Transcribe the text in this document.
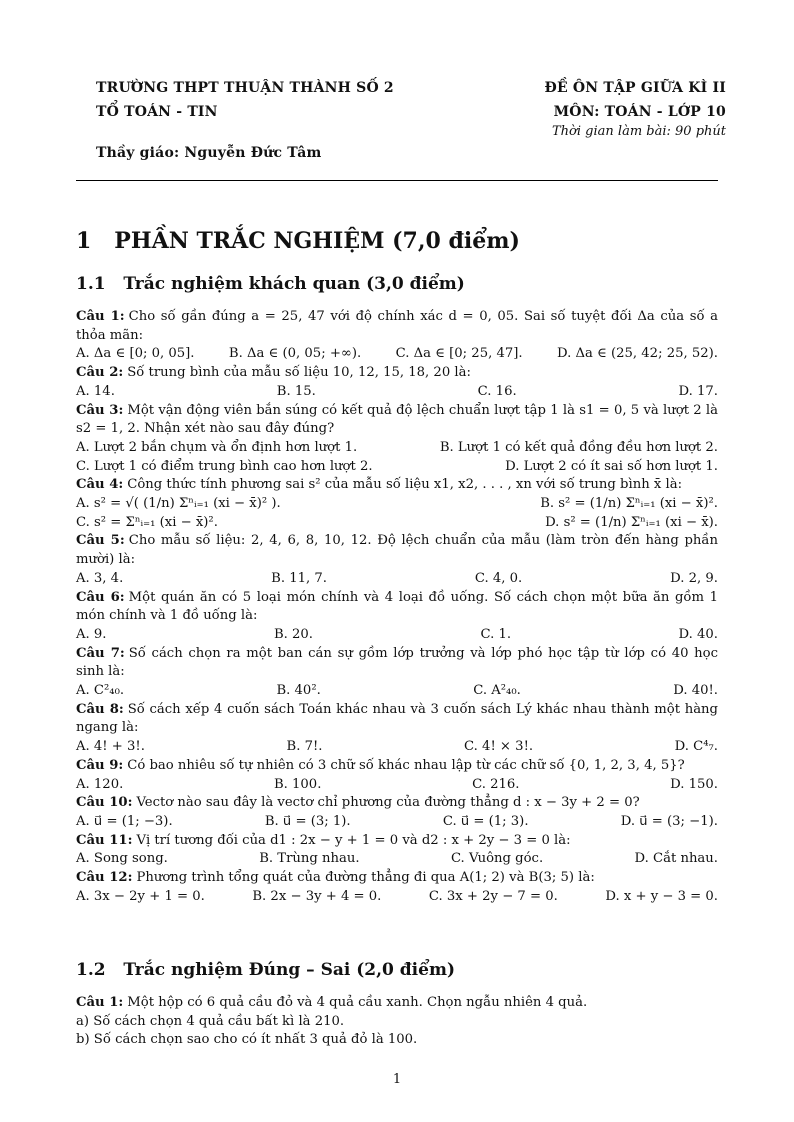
TRƯỜNG THPT THUẬN THÀNH SỐ 2
TỔ TOÁN - TIN
Thầy giáo: Nguyễn Đức Tâm
ĐỀ ÔN TẬP GIỮA KÌ II
MÔN: TOÁN - LỚP 10
Thời gian làm bài: 90 phút
1 PHẦN TRẮC NGHIỆM (7,0 điểm)
1.1 Trắc nghiệm khách quan (3,0 điểm)

Câu 1: Cho số gần đúng a = 25, 47 với độ chính xác d = 0, 05. Sai số tuyệt đối Δa của số a thỏa mãn:

A. Δa ∈ [0; 0, 05].	B. Δa ∈ (0, 05; +∞).	C. Δa ∈ [0; 25, 47].	D. Δa ∈ (25, 42; 25, 52).

Câu 2: Số trung bình của mẫu số liệu 10, 12, 15, 18, 20 là:

A. 14.	B. 15.	C. 16.	D. 17.

Câu 3: Một vận động viên bắn súng có kết quả độ lệch chuẩn lượt tập 1 là s1 = 0, 5 và lượt 2 là s2 = 1, 2. Nhận xét nào sau đây đúng?

A. Lượt 2 bắn chụm và ổn định hơn lượt 1.	B. Lượt 1 có kết quả đồng đều hơn lượt 2.
C. Lượt 1 có điểm trung bình cao hơn lượt 2.	D. Lượt 2 có ít sai số hơn lượt 1.

Câu 4: Công thức tính phương sai s² của mẫu số liệu x1, x2, . . . , xn với số trung bình x̄ là:

A. s² = √( (1/n) Σⁿᵢ₌₁ (xi − x̄)² ).	B. s² = (1/n) Σⁿᵢ₌₁ (xi − x̄)².
C. s² = Σⁿᵢ₌₁ (xi − x̄)².	D. s² = (1/n) Σⁿᵢ₌₁ (xi − x̄).

Câu 5: Cho mẫu số liệu: 2, 4, 6, 8, 10, 12. Độ lệch chuẩn của mẫu (làm tròn đến hàng phần mười) là:

A. 3, 4.	B. 11, 7.	C. 4, 0.	D. 2, 9.

Câu 6: Một quán ăn có 5 loại món chính và 4 loại đồ uống. Số cách chọn một bữa ăn gồm 1 món chính và 1 đồ uống là:

A. 9.	B. 20.	C. 1.	D. 40.

Câu 7: Số cách chọn ra một ban cán sự gồm lớp trưởng và lớp phó học tập từ lớp có 40 học sinh là:

A. C²₄₀.	B. 40².	C. A²₄₀.	D. 40!.

Câu 8: Số cách xếp 4 cuốn sách Toán khác nhau và 3 cuốn sách Lý khác nhau thành một hàng ngang là:

A. 4! + 3!.	B. 7!.	C. 4! × 3!.	D. C⁴₇.

Câu 9: Có bao nhiêu số tự nhiên có 3 chữ số khác nhau lập từ các chữ số {0, 1, 2, 3, 4, 5}?

A. 120.	B. 100.	C. 216.	D. 150.

Câu 10: Vectơ nào sau đây là vectơ chỉ phương của đường thẳng d : x − 3y + 2 = 0?

A. u⃗ = (1; −3).	B. u⃗ = (3; 1).	C. u⃗ = (1; 3).	D. u⃗ = (3; −1).

Câu 11: Vị trí tương đối của d1 : 2x − y + 1 = 0 và d2 : x + 2y − 3 = 0 là:

A. Song song.	B. Trùng nhau.	C. Vuông góc.	D. Cắt nhau.

Câu 12: Phương trình tổng quát của đường thẳng đi qua A(1; 2) và B(3; 5) là:

A. 3x − 2y + 1 = 0.	B. 2x − 3y + 4 = 0.	C. 3x + 2y − 7 = 0.	D. x + y − 3 = 0.
1.2 Trắc nghiệm Đúng – Sai (2,0 điểm)

Câu 1: Một hộp có 6 quả cầu đỏ và 4 quả cầu xanh. Chọn ngẫu nhiên 4 quả.

a) Số cách chọn 4 quả cầu bất kì là 210.

b) Số cách chọn sao cho có ít nhất 3 quả đỏ là 100.

1
